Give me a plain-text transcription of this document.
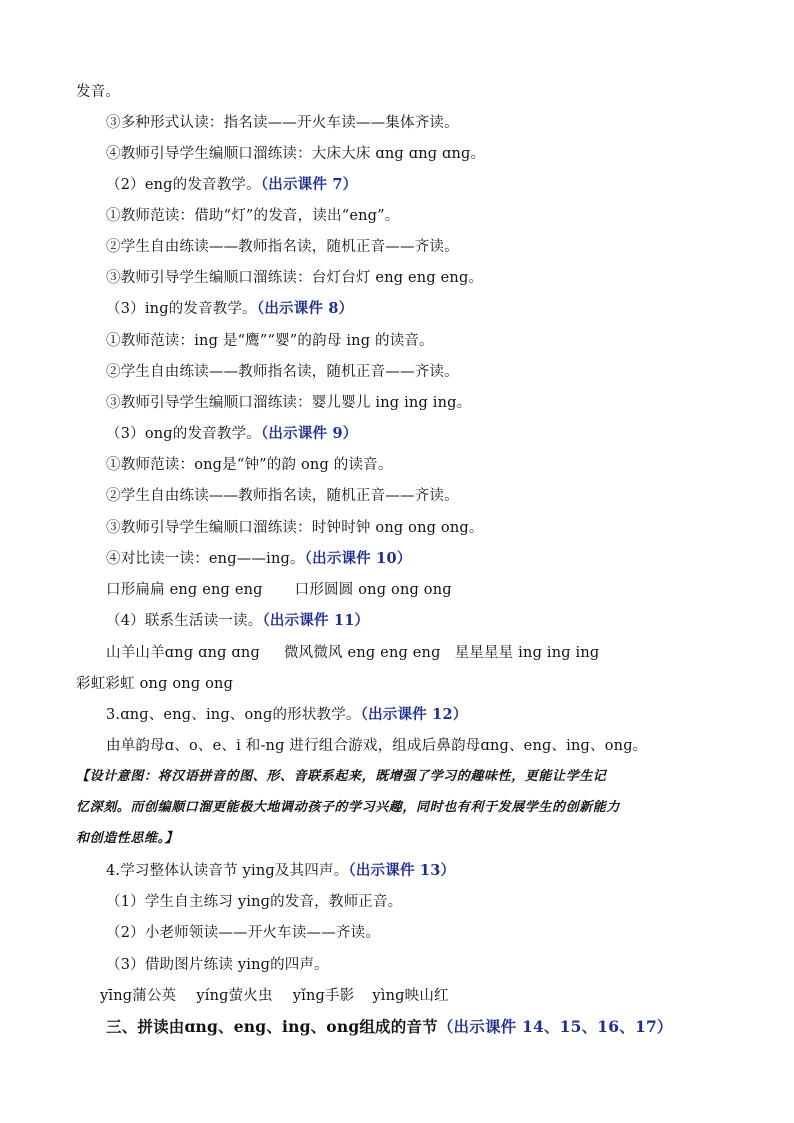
发音。
③多种形式认读：指名读——开火车读——集体齐读。
④教师引导学生编顺口溜练读：大床大床 ɑnɡ ɑnɡ ɑnɡ。
（2）enɡ的发音教学。（出示课件 7）
①教师范读：借助“灯”的发音，读出“eng”。
②学生自由练读——教师指名读，随机正音——齐读。
③教师引导学生编顺口溜练读：台灯台灯 eng eng eng。
（3）inɡ的发音教学。（出示课件 8）
①教师范读：ing 是“鹰”“婴”的韵母 ing 的读音。
②学生自由练读——教师指名读，随机正音——齐读。
③教师引导学生编顺口溜练读：婴儿婴儿 ing ing ing。
（3）onɡ的发音教学。（出示课件 9）
①教师范读：onɡ是“钟”的韵 ong 的读音。
②学生自由练读——教师指名读，随机正音——齐读。
③教师引导学生编顺口溜练读：时钟时钟 ong ong ong。
④对比读一读：enɡ——inɡ。（出示课件 10）
口形扁扁 enɡ enɡ enɡ 口形圆圆 onɡ onɡ onɡ
（4）联系生活读一读。（出示课件 11）
山羊山羊ɑnɡ ɑnɡ ɑnɡ 微风微风 enɡ enɡ enɡ 星星星星 inɡ inɡ inɡ
彩虹彩虹 onɡ onɡ onɡ
3.ɑnɡ、enɡ、inɡ、onɡ的形状教学。（出示课件 12）
由单韵母ɑ、o、e、i 和-nɡ 进行组合游戏，组成后鼻韵母ɑnɡ、enɡ、inɡ、onɡ。
【设计意图：将汉语拼音的图、形、音联系起来，既增强了学习的趣味性，更能让学生记
忆深刻。而创编顺口溜更能极大地调动孩子的学习兴趣，同时也有利于发展学生的创新能力
和创造性思维。】
4.学习整体认读音节 yinɡ及其四声。（出示课件 13）
（1）学生自主练习 yinɡ的发音，教师正音。
（2）小老师领读——开火车读——齐读。
（3）借助图片练读 yinɡ的四声。
yīnɡ蒲公英 yínɡ萤火虫 yǐnɡ手影 yìnɡ映山红
三、拼读由ɑnɡ、enɡ、inɡ、onɡ组成的音节（出示课件 14、15、16、17）
